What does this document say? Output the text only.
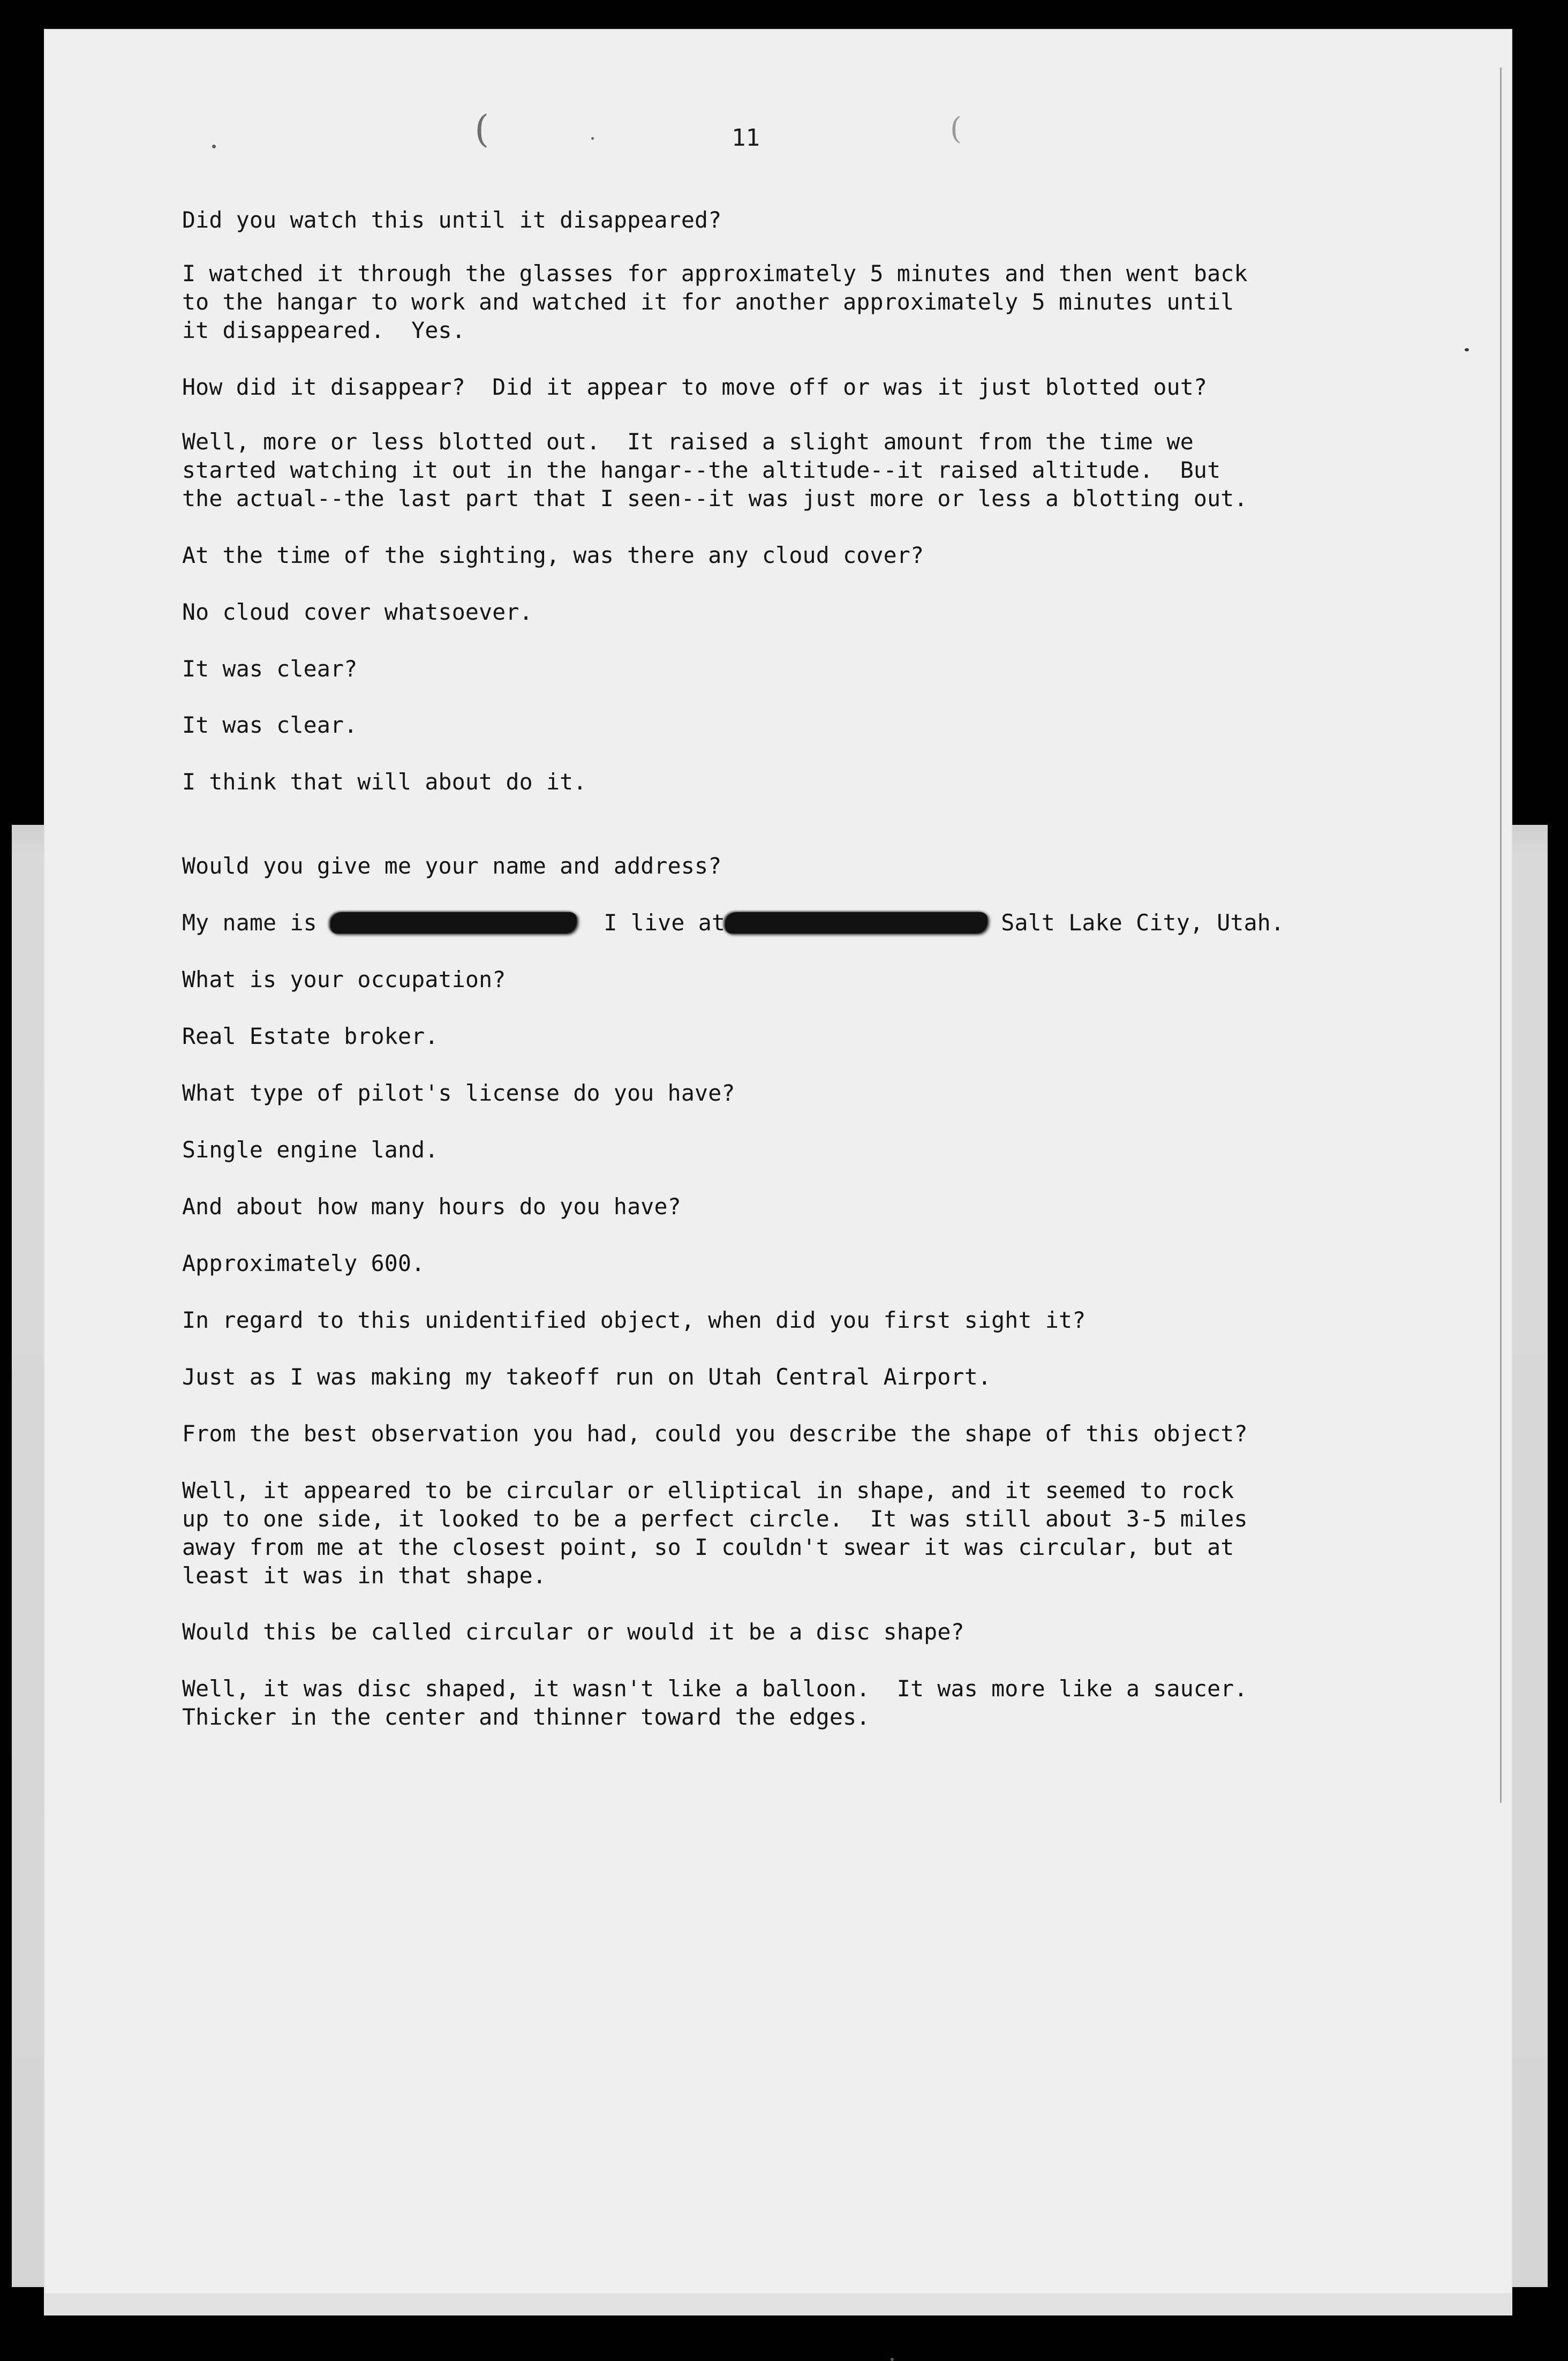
(	(
11

Did you watch this until it disappeared?

I watched it through the glasses for approximately 5 minutes and then went back

to the hangar to work and watched it for another approximately 5 minutes until

it disappeared.  Yes.

How did it disappear?  Did it appear to move off or was it just blotted out?

Well, more or less blotted out.  It raised a slight amount from the time we

started watching it out in the hangar--the altitude--it raised altitude.  But

the actual--the last part that I seen--it was just more or less a blotting out.

At the time of the sighting, was there any cloud cover?

No cloud cover whatsoever.

It was clear?

It was clear.

I think that will about do it.

Would you give me your name and address?

My name is	I live at	Salt Lake City, Utah.

What is your occupation?

Real Estate broker.

What type of pilot's license do you have?

Single engine land.

And about how many hours do you have?

Approximately 600.

In regard to this unidentified object, when did you first sight it?

Just as I was making my takeoff run on Utah Central Airport.

From the best observation you had, could you describe the shape of this object?

Well, it appeared to be circular or elliptical in shape, and it seemed to rock

up to one side, it looked to be a perfect circle.  It was still about 3-5 miles

away from me at the closest point, so I couldn't swear it was circular, but at

least it was in that shape.

Would this be called circular or would it be a disc shape?

Well, it was disc shaped, it wasn't like a balloon.  It was more like a saucer.

Thicker in the center and thinner toward the edges.
